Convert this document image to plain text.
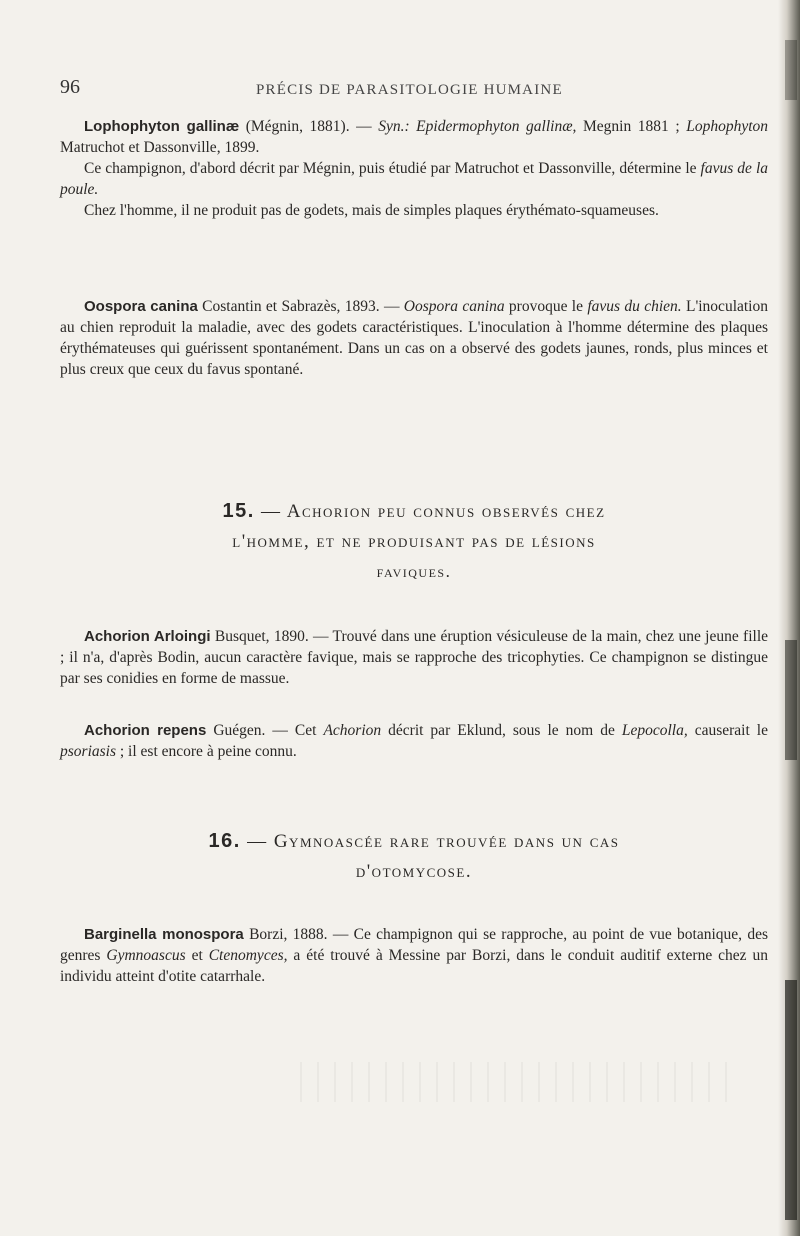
96	PRÉCIS DE PARASITOLOGIE HUMAINE

Lophophyton gallinæ (Mégnin, 1881). — Syn.: Epidermophyton gallinæ, Megnin 1881 ; Lophophyton Matruchot et Dassonville, 1899.

Ce champignon, d'abord décrit par Mégnin, puis étudié par Matruchot et Dassonville, détermine le favus de la poule.

Chez l'homme, il ne produit pas de godets, mais de simples plaques érythémato-squameuses.

Oospora canina Costantin et Sabrazès, 1893. — Oospora canina provoque le favus du chien. L'inoculation au chien reproduit la maladie, avec des godets caractéristiques. L'inoculation à l'homme détermine des plaques érythémateuses qui guérissent spontanément. Dans un cas on a observé des godets jaunes, ronds, plus minces et plus creux que ceux du favus spontané.

15. — Achorion peu connus observés chez
l'homme, et ne produisant pas de lésions
faviques.

Achorion Arloingi Busquet, 1890. — Trouvé dans une éruption vésiculeuse de la main, chez une jeune fille ; il n'a, d'après Bodin, aucun caractère favique, mais se rapproche des tricophyties. Ce champignon se distingue par ses conidies en forme de massue.

Achorion repens Guégen. — Cet Achorion décrit par Eklund, sous le nom de Lepocolla, causerait le psoriasis ; il est encore à peine connu.

16. — Gymnoascée rare trouvée dans un cas
d'otomycose.

Barginella monospora Borzi, 1888. — Ce champignon qui se rapproche, au point de vue botanique, des genres Gymnoascus et Ctenomyces, a été trouvé à Messine par Borzi, dans le conduit auditif externe chez un individu atteint d'otite catarrhale.
